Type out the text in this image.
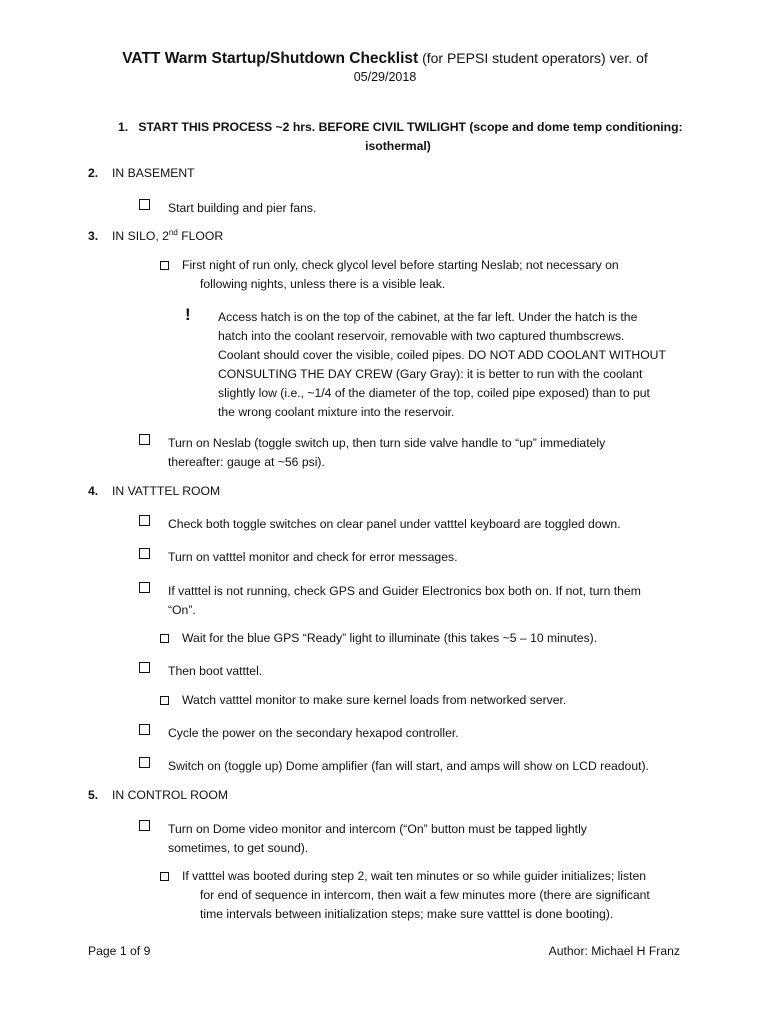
VATT Warm Startup/Shutdown Checklist (for PEPSI student operators) ver. of
05/29/2018
1.   START THIS PROCESS ~2 hrs. BEFORE CIVIL TWILIGHT (scope and dome temp conditioning:
isothermal)
2. IN BASEMENT
Start building and pier fans.
3. IN SILO, 2nd FLOOR
First night of run only, check glycol level before starting Neslab; not necessary on
following nights, unless there is a visible leak.
! Access hatch is on the top of the cabinet, at the far left. Under the hatch is the
hatch into the coolant reservoir, removable with two captured thumbscrews.
Coolant should cover the visible, coiled pipes. DO NOT ADD COOLANT WITHOUT
CONSULTING THE DAY CREW (Gary Gray): it is better to run with the coolant
slightly low (i.e., ~1/4 of the diameter of the top, coiled pipe exposed) than to put
the wrong coolant mixture into the reservoir.
Turn on Neslab (toggle switch up, then turn side valve handle to “up” immediately
thereafter: gauge at ~56 psi).
4. IN VATTTEL ROOM
Check both toggle switches on clear panel under vatttel keyboard are toggled down.
Turn on vatttel monitor and check for error messages.
If vatttel is not running, check GPS and Guider Electronics box both on. If not, turn them
“On”.
Wait for the blue GPS “Ready” light to illuminate (this takes ~5 – 10 minutes).
Then boot vatttel.
Watch vatttel monitor to make sure kernel loads from networked server.
Cycle the power on the secondary hexapod controller.
Switch on (toggle up) Dome amplifier (fan will start, and amps will show on LCD readout).
5. IN CONTROL ROOM
Turn on Dome video monitor and intercom (“On” button must be tapped lightly
sometimes, to get sound).
If vatttel was booted during step 2, wait ten minutes or so while guider initializes; listen
for end of sequence in intercom, then wait a few minutes more (there are significant
time intervals between initialization steps; make sure vatttel is done booting).
Page 1 of 9	Author: Michael H Franz
